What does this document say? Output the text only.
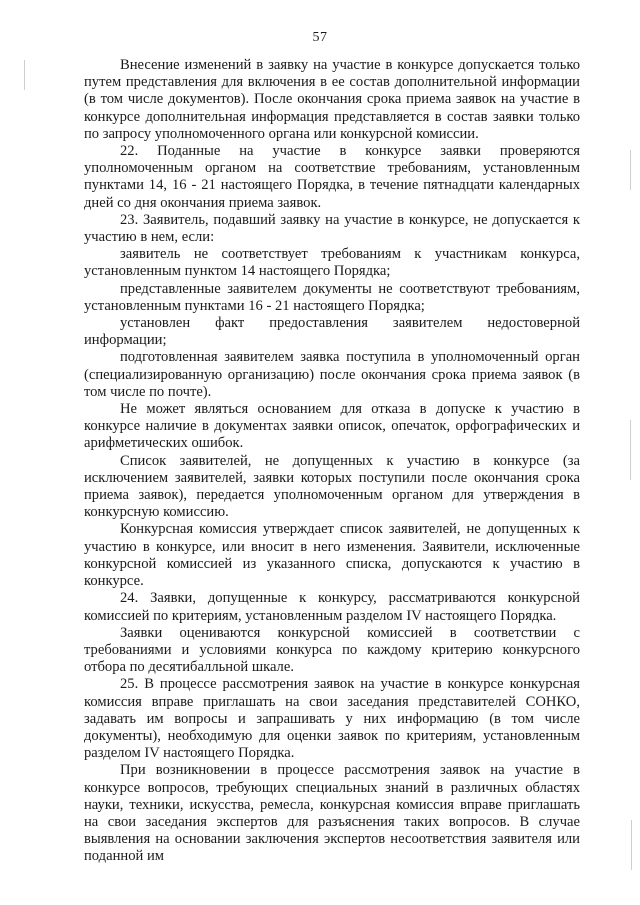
57

Внесение изменений в заявку на участие в конкурсе допускается только путем представления для включения в ее состав дополнительной информации (в том числе документов). После окончания срока приема заявок на участие в конкурсе дополнительная информация представляется в состав заявки только по запросу уполномоченного органа или конкурсной комиссии.

22. Поданные на участие в конкурсе заявки проверяются уполномоченным органом на соответствие требованиям, установленным пунктами 14, 16 - 21 настоящего Порядка, в течение пятнадцати календарных дней со дня окончания приема заявок.

23. Заявитель, подавший заявку на участие в конкурсе, не допускается к участию в нем, если:

заявитель не соответствует требованиям к участникам конкурса, установленным пунктом 14 настоящего Порядка;

представленные заявителем документы не соответствуют требованиям, установленным пунктами 16 - 21 настоящего Порядка;

установлен факт предоставления заявителем недостоверной информации;

подготовленная заявителем заявка поступила в уполномоченный орган (специализированную организацию) после окончания срока приема заявок (в том числе по почте).

Не может являться основанием для отказа в допуске к участию в конкурсе наличие в документах заявки описок, опечаток, орфографических и арифметических ошибок.

Список заявителей, не допущенных к участию в конкурсе (за исключением заявителей, заявки которых поступили после окончания срока приема заявок), передается уполномоченным органом для утверждения в конкурсную комиссию.

Конкурсная комиссия утверждает список заявителей, не допущенных к участию в конкурсе, или вносит в него изменения. Заявители, исключенные конкурсной комиссией из указанного списка, допускаются к участию в конкурсе.

24. Заявки, допущенные к конкурсу, рассматриваются конкурсной комиссией по критериям, установленным разделом IV настоящего Порядка.

Заявки оцениваются конкурсной комиссией в соответствии с требованиями и условиями конкурса по каждому критерию конкурсного отбора по десятибалльной шкале.

25. В процессе рассмотрения заявок на участие в конкурсе конкурсная комиссия вправе приглашать на свои заседания представителей СОНКО, задавать им вопросы и запрашивать у них информацию (в том числе документы), необходимую для оценки заявок по критериям, установленным разделом IV настоящего Порядка.

При возникновении в процессе рассмотрения заявок на участие в конкурсе вопросов, требующих специальных знаний в различных областях науки, техники, искусства, ремесла, конкурсная комиссия вправе приглашать на свои заседания экспертов для разъяснения таких вопросов. В случае выявления на основании заключения экспертов несоответствия заявителя или поданной им
